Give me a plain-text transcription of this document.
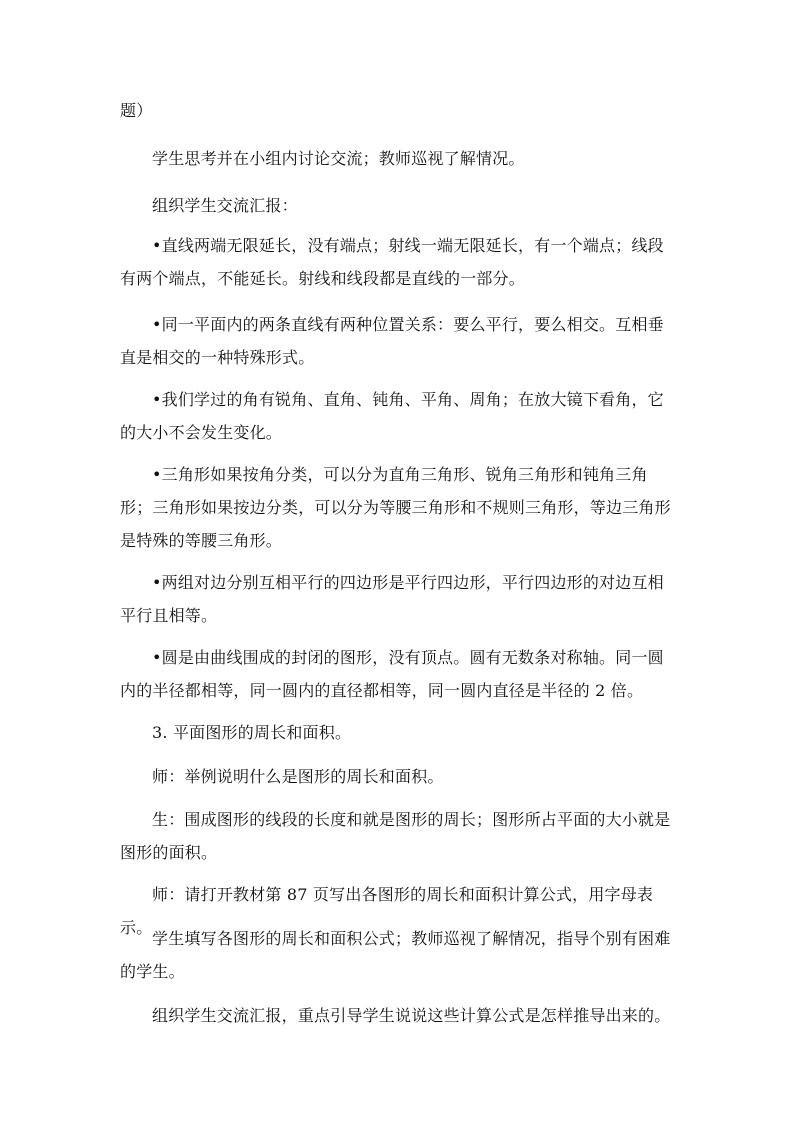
题）

学生思考并在小组内讨论交流；教师巡视了解情况。

组织学生交流汇报：

•直线两端无限延长，没有端点；射线一端无限延长，有一个端点；线段有两个端点，不能延长。射线和线段都是直线的一部分。

•同一平面内的两条直线有两种位置关系：要么平行，要么相交。互相垂直是相交的一种特殊形式。

•我们学过的角有锐角、直角、钝角、平角、周角；在放大镜下看角，它的大小不会发生变化。

•三角形如果按角分类，可以分为直角三角形、锐角三角形和钝角三角形；三角形如果按边分类，可以分为等腰三角形和不规则三角形，等边三角形是特殊的等腰三角形。

•两组对边分别互相平行的四边形是平行四边形，平行四边形的对边互相平行且相等。

•圆是由曲线围成的封闭的图形，没有顶点。圆有无数条对称轴。同一圆内的半径都相等，同一圆内的直径都相等，同一圆内直径是半径的 2 倍。

3. 平面图形的周长和面积。

师：举例说明什么是图形的周长和面积。

生：围成图形的线段的长度和就是图形的周长；图形所占平面的大小就是图形的面积。

师：请打开教材第 87 页写出各图形的周长和面积计算公式，用字母表示。

学生填写各图形的周长和面积公式；教师巡视了解情况，指导个别有困难的学生。

组织学生交流汇报，重点引导学生说说这些计算公式是怎样推导出来的。
